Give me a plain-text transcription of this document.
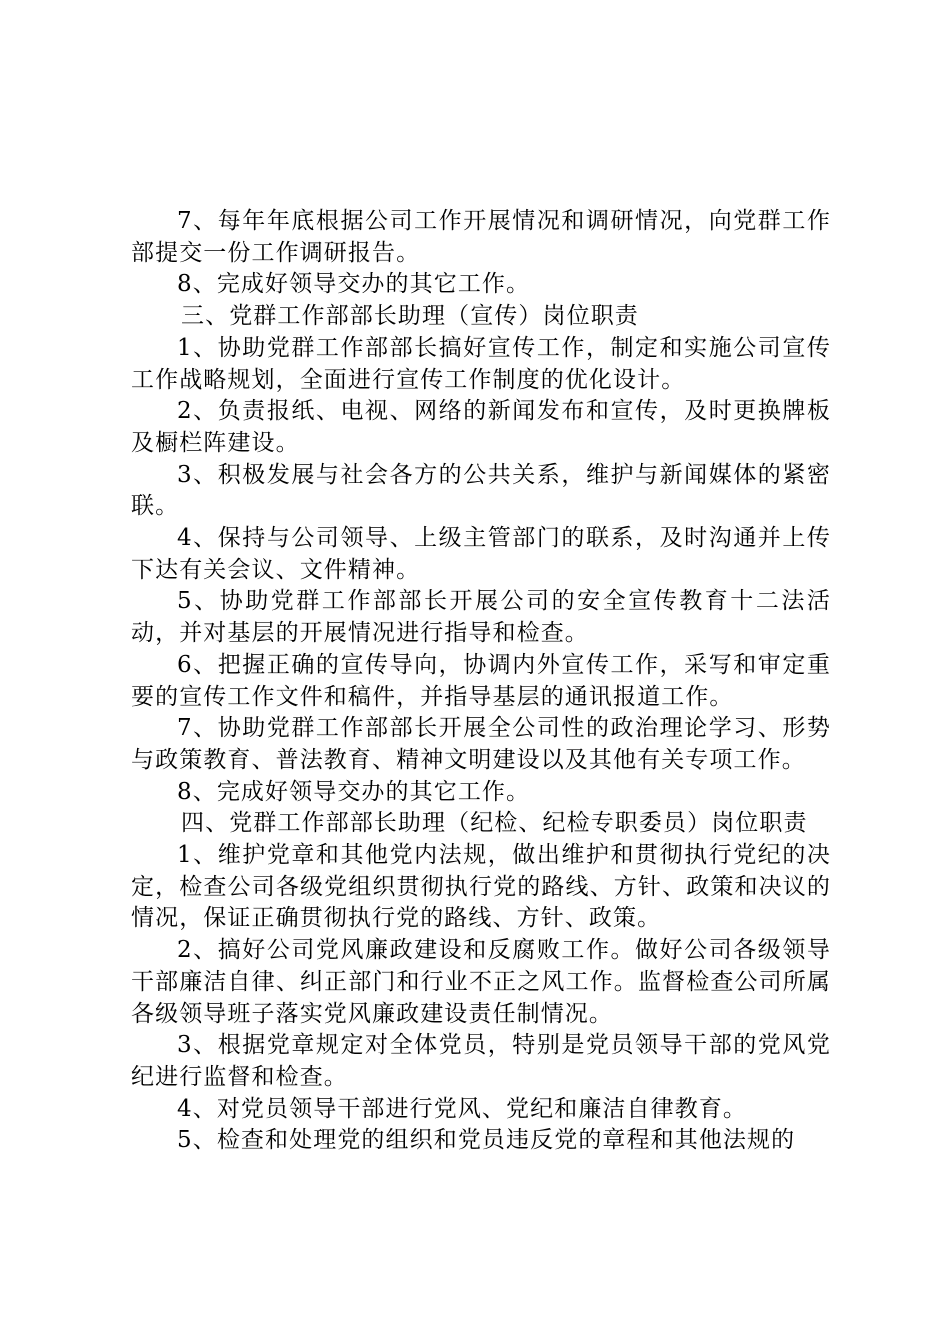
7、每年年底根据公司工作开展情况和调研情况，向党群工作部提交一份工作调研报告。

8、完成好领导交办的其它工作。

三、党群工作部部长助理（宣传）岗位职责

1、协助党群工作部部长搞好宣传工作，制定和实施公司宣传工作战略规划，全面进行宣传工作制度的优化设计。

2、负责报纸、电视、网络的新闻发布和宣传，及时更换牌板及橱栏阵建设。

3、积极发展与社会各方的公共关系，维护与新闻媒体的紧密联。

4、保持与公司领导、上级主管部门的联系，及时沟通并上传下达有关会议、文件精神。

5、协助党群工作部部长开展公司的安全宣传教育十二法活动，并对基层的开展情况进行指导和检查。

6、把握正确的宣传导向，协调内外宣传工作，采写和审定重要的宣传工作文件和稿件，并指导基层的通讯报道工作。

7、协助党群工作部部长开展全公司性的政治理论学习、形势与政策教育、普法教育、精神文明建设以及其他有关专项工作。

8、完成好领导交办的其它工作。

四、党群工作部部长助理（纪检、纪检专职委员）岗位职责

1、维护党章和其他党内法规，做出维护和贯彻执行党纪的决定，检查公司各级党组织贯彻执行党的路线、方针、政策和决议的情况，保证正确贯彻执行党的路线、方针、政策。

2、搞好公司党风廉政建设和反腐败工作。做好公司各级领导干部廉洁自律、纠正部门和行业不正之风工作。监督检查公司所属各级领导班子落实党风廉政建设责任制情况。

3、根据党章规定对全体党员，特别是党员领导干部的党风党纪进行监督和检查。

4、对党员领导干部进行党风、党纪和廉洁自律教育。

5、检查和处理党的组织和党员违反党的章程和其他法规的
